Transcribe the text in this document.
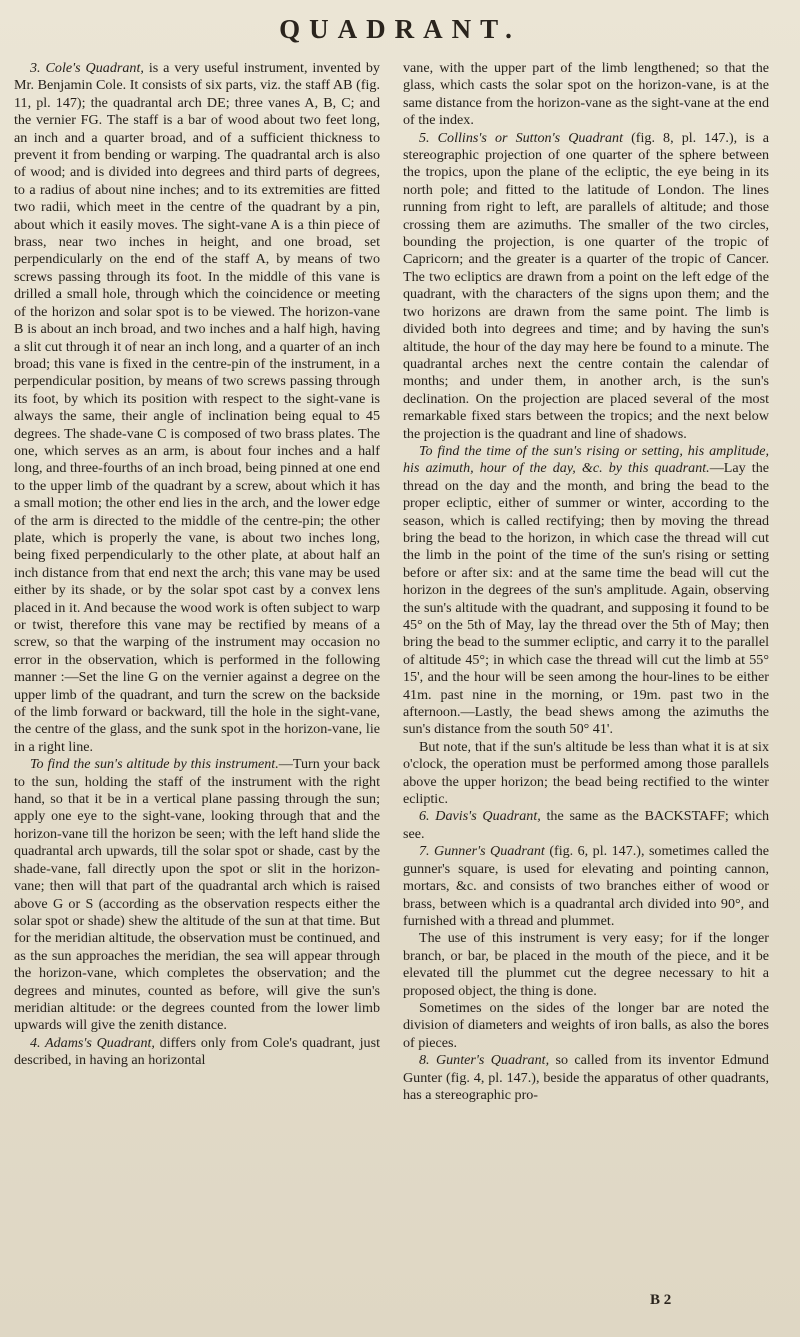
QUADRANT.

3. Cole's Quadrant, is a very useful instrument, invented by Mr. Benjamin Cole. It consists of six parts, viz. the staff AB (fig. 11, pl. 147); the quadrantal arch DE; three vanes A, B, C; and the vernier FG. The staff is a bar of wood about two feet long, an inch and a quarter broad, and of a sufficient thickness to prevent it from bending or warping. The quadrantal arch is also of wood; and is divided into degrees and third parts of degrees, to a radius of about nine inches; and to its extremities are fitted two radii, which meet in the centre of the quadrant by a pin, about which it easily moves. The sight-vane A is a thin piece of brass, near two inches in height, and one broad, set perpendicularly on the end of the staff A, by means of two screws passing through its foot. In the middle of this vane is drilled a small hole, through which the coincidence or meeting of the horizon and solar spot is to be viewed. The horizon-vane B is about an inch broad, and two inches and a half high, having a slit cut through it of near an inch long, and a quarter of an inch broad; this vane is fixed in the centre-pin of the instrument, in a perpendicular position, by means of two screws passing through its foot, by which its position with respect to the sight-vane is always the same, their angle of inclination being equal to 45 degrees. The shade-vane C is composed of two brass plates. The one, which serves as an arm, is about four inches and a half long, and three-fourths of an inch broad, being pinned at one end to the upper limb of the quadrant by a screw, about which it has a small motion; the other end lies in the arch, and the lower edge of the arm is directed to the middle of the centre-pin; the other plate, which is properly the vane, is about two inches long, being fixed perpendicularly to the other plate, at about half an inch distance from that end next the arch; this vane may be used either by its shade, or by the solar spot cast by a convex lens placed in it. And because the wood work is often subject to warp or twist, therefore this vane may be rectified by means of a screw, so that the warping of the instrument may occasion no error in the observation, which is performed in the following manner :—Set the line G on the vernier against a degree on the upper limb of the quadrant, and turn the screw on the backside of the limb forward or backward, till the hole in the sight-vane, the centre of the glass, and the sunk spot in the horizon-vane, lie in a right line.

To find the sun's altitude by this instrument.—Turn your back to the sun, holding the staff of the instrument with the right hand, so that it be in a vertical plane passing through the sun; apply one eye to the sight-vane, looking through that and the horizon-vane till the horizon be seen; with the left hand slide the quadrantal arch upwards, till the solar spot or shade, cast by the shade-vane, fall directly upon the spot or slit in the horizon-vane; then will that part of the quadrantal arch which is raised above G or S (according as the observation respects either the solar spot or shade) shew the altitude of the sun at that time. But for the meridian altitude, the observation must be continued, and as the sun approaches the meridian, the sea will appear through the horizon-vane, which completes the observation; and the degrees and minutes, counted as before, will give the sun's meridian altitude: or the degrees counted from the lower limb upwards will give the zenith distance.

4. Adams's Quadrant, differs only from Cole's quadrant, just described, in having an horizontal

vane, with the upper part of the limb lengthened; so that the glass, which casts the solar spot on the horizon-vane, is at the same distance from the horizon-vane as the sight-vane at the end of the index.

5. Collins's or Sutton's Quadrant (fig. 8, pl. 147.), is a stereographic projection of one quarter of the sphere between the tropics, upon the plane of the ecliptic, the eye being in its north pole; and fitted to the latitude of London. The lines running from right to left, are parallels of altitude; and those crossing them are azimuths. The smaller of the two circles, bounding the projection, is one quarter of the tropic of Capricorn; and the greater is a quarter of the tropic of Cancer. The two ecliptics are drawn from a point on the left edge of the quadrant, with the characters of the signs upon them; and the two horizons are drawn from the same point. The limb is divided both into degrees and time; and by having the sun's altitude, the hour of the day may here be found to a minute. The quadrantal arches next the centre contain the calendar of months; and under them, in another arch, is the sun's declination. On the projection are placed several of the most remarkable fixed stars between the tropics; and the next below the projection is the quadrant and line of shadows.

To find the time of the sun's rising or setting, his amplitude, his azimuth, hour of the day, &c. by this quadrant.—Lay the thread on the day and the month, and bring the bead to the proper ecliptic, either of summer or winter, according to the season, which is called rectifying; then by moving the thread bring the bead to the horizon, in which case the thread will cut the limb in the point of the time of the sun's rising or setting before or after six: and at the same time the bead will cut the horizon in the degrees of the sun's amplitude. Again, observing the sun's altitude with the quadrant, and supposing it found to be 45° on the 5th of May, lay the thread over the 5th of May; then bring the bead to the summer ecliptic, and carry it to the parallel of altitude 45°; in which case the thread will cut the limb at 55° 15', and the hour will be seen among the hour-lines to be either 41m. past nine in the morning, or 19m. past two in the afternoon.—Lastly, the bead shews among the azimuths the sun's distance from the south 50° 41'.

But note, that if the sun's altitude be less than what it is at six o'clock, the operation must be performed among those parallels above the upper horizon; the bead being rectified to the winter ecliptic.

6. Davis's Quadrant, the same as the BACKSTAFF; which see.

7. Gunner's Quadrant (fig. 6, pl. 147.), sometimes called the gunner's square, is used for elevating and pointing cannon, mortars, &c. and consists of two branches either of wood or brass, between which is a quadrantal arch divided into 90°, and furnished with a thread and plummet.

The use of this instrument is very easy; for if the longer branch, or bar, be placed in the mouth of the piece, and it be elevated till the plummet cut the degree necessary to hit a proposed object, the thing is done.

Sometimes on the sides of the longer bar are noted the division of diameters and weights of iron balls, as also the bores of pieces.

8. Gunter's Quadrant, so called from its inventor Edmund Gunter (fig. 4, pl. 147.), beside the apparatus of other quadrants, has a stereographic pro-

B 2
